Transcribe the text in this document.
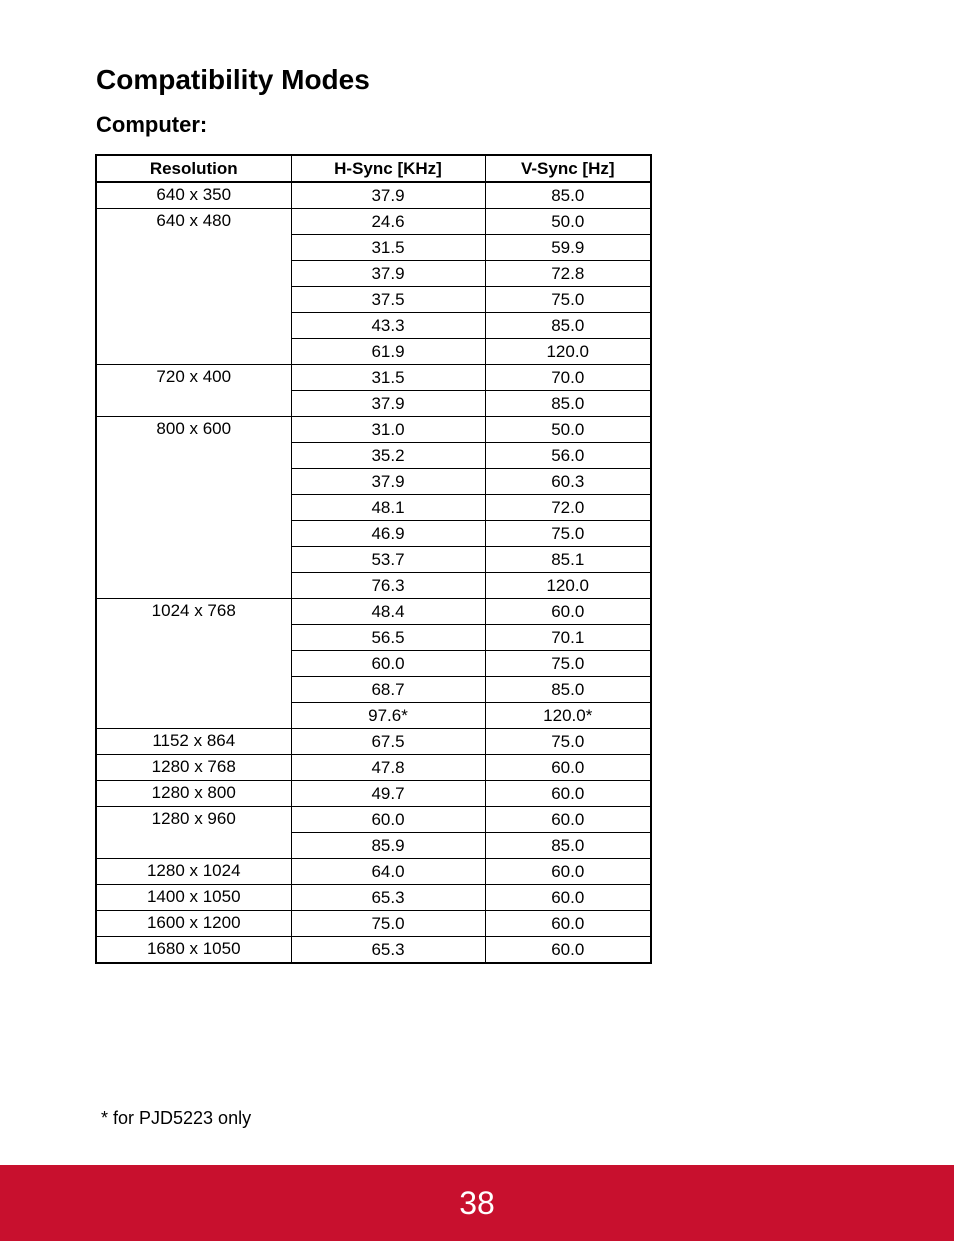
Compatibility Modes
Computer:
Resolution	H-Sync [KHz]	V-Sync [Hz]
640 x 350	37.9	85.0
640 x 480	24.6	50.0
	31.5	59.9
	37.9	72.8
	37.5	75.0
	43.3	85.0
	61.9	120.0
720 x 400	31.5	70.0
	37.9	85.0
800 x 600	31.0	50.0
	35.2	56.0
	37.9	60.3
	48.1	72.0
	46.9	75.0
	53.7	85.1
	76.3	120.0
1024 x 768	48.4	60.0
	56.5	70.1
	60.0	75.0
	68.7	85.0
	97.6*	120.0*
1152 x 864	67.5	75.0
1280 x 768	47.8	60.0
1280 x 800	49.7	60.0
1280 x 960	60.0	60.0
	85.9	85.0
1280 x 1024	64.0	60.0
1400 x 1050	65.3	60.0
1600 x 1200	75.0	60.0
1680 x 1050	65.3	60.0
* for PJD5223 only
38
